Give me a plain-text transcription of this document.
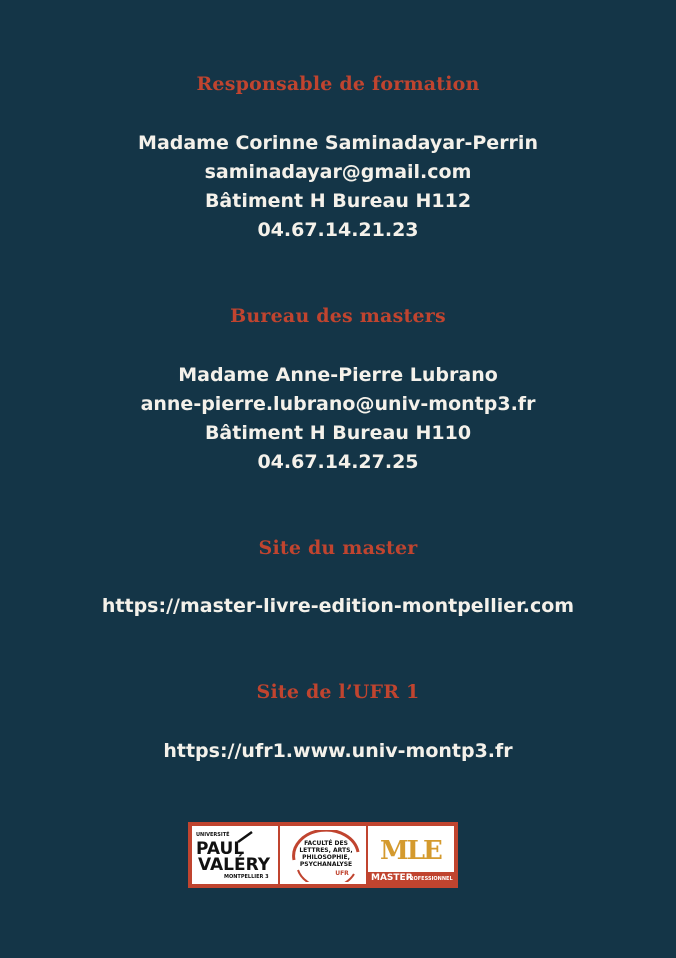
Responsable de formation
Madame Corinne Saminadayar-Perrin
saminadayar@gmail.com
Bâtiment H Bureau H112
04.67.14.21.23
Bureau des masters
Madame Anne-Pierre Lubrano
anne-pierre.lubrano@univ-montp3.fr
Bâtiment H Bureau H110
04.67.14.27.25
Site du master
https://master-livre-edition-montpellier.com
Site de l’UFR 1
https://ufr1.www.univ-montp3.fr
UNIVERSITÉ
PAUL
VALÉRY
MONTPELLIER 3
FACULTÉ DES
LETTRES, ARTS,
PHILOSOPHIE,
PSYCHANALYSE
UFR
MLE
MASTER
PROFESSIONNEL
